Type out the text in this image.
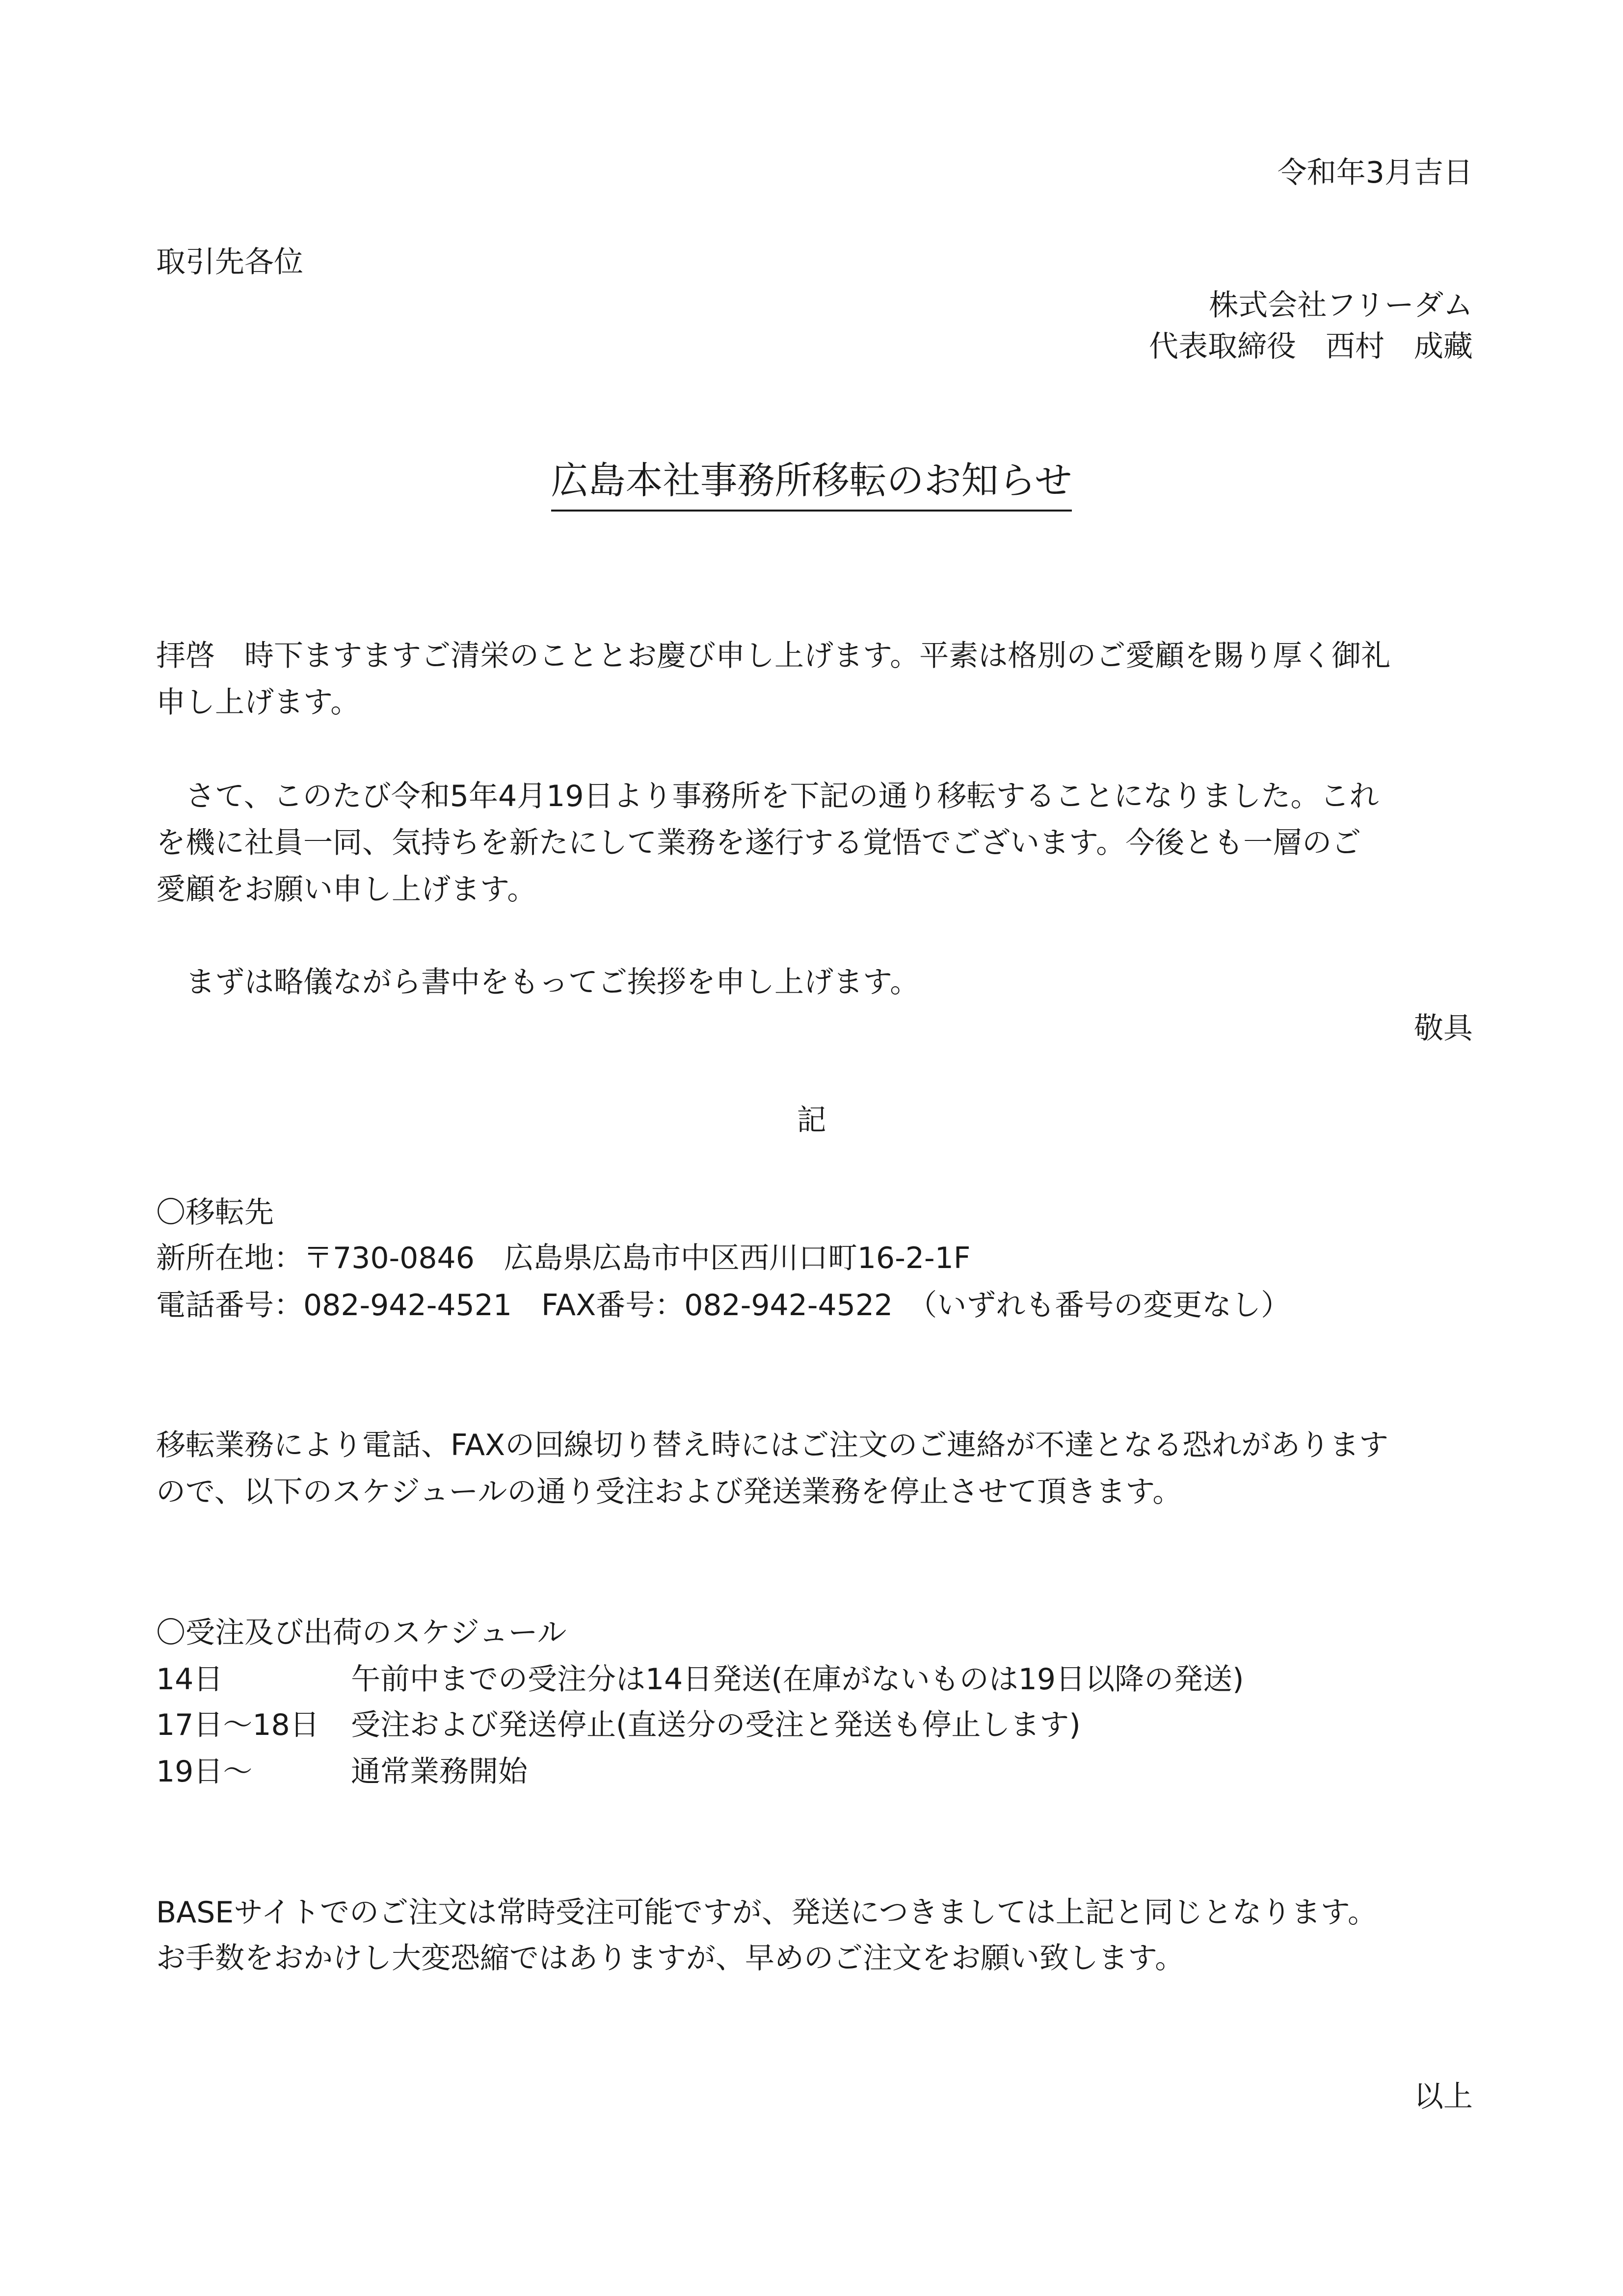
令和年3月吉日
取引先各位
株式会社フリーダム
代表取締役　西村　成藏
広島本社事務所移転のお知らせ
拝啓　時下ますますご清栄のこととお慶び申し上げます。平素は格別のご愛顧を賜り厚く御礼
申し上げます。
　さて、このたび令和5年4月19日より事務所を下記の通り移転することになりました。これ
を機に社員一同、気持ちを新たにして業務を遂行する覚悟でございます。今後とも一層のご
愛顧をお願い申し上げます。
　まずは略儀ながら書中をもってご挨拶を申し上げます。
敬具
記
〇移転先
新所在地：〒730-0846　広島県広島市中区西川口町16-2-1F
電話番号：082-942-4521　FAX番号：082-942-4522　（いずれも番号の変更なし）
移転業務により電話、FAXの回線切り替え時にはご注文のご連絡が不達となる恐れがあります
ので、以下のスケジュールの通り受注および発送業務を停止させて頂きます。
〇受注及び出荷のスケジュール
14日	午前中までの受注分は14日発送(在庫がないものは19日以降の発送)
17日～18日 受注および発送停止(直送分の受注と発送も停止します)
19日～	通常業務開始
BASEサイトでのご注文は常時受注可能ですが、発送につきましては上記と同じとなります。
お手数をおかけし大変恐縮ではありますが、早めのご注文をお願い致します。
以上
